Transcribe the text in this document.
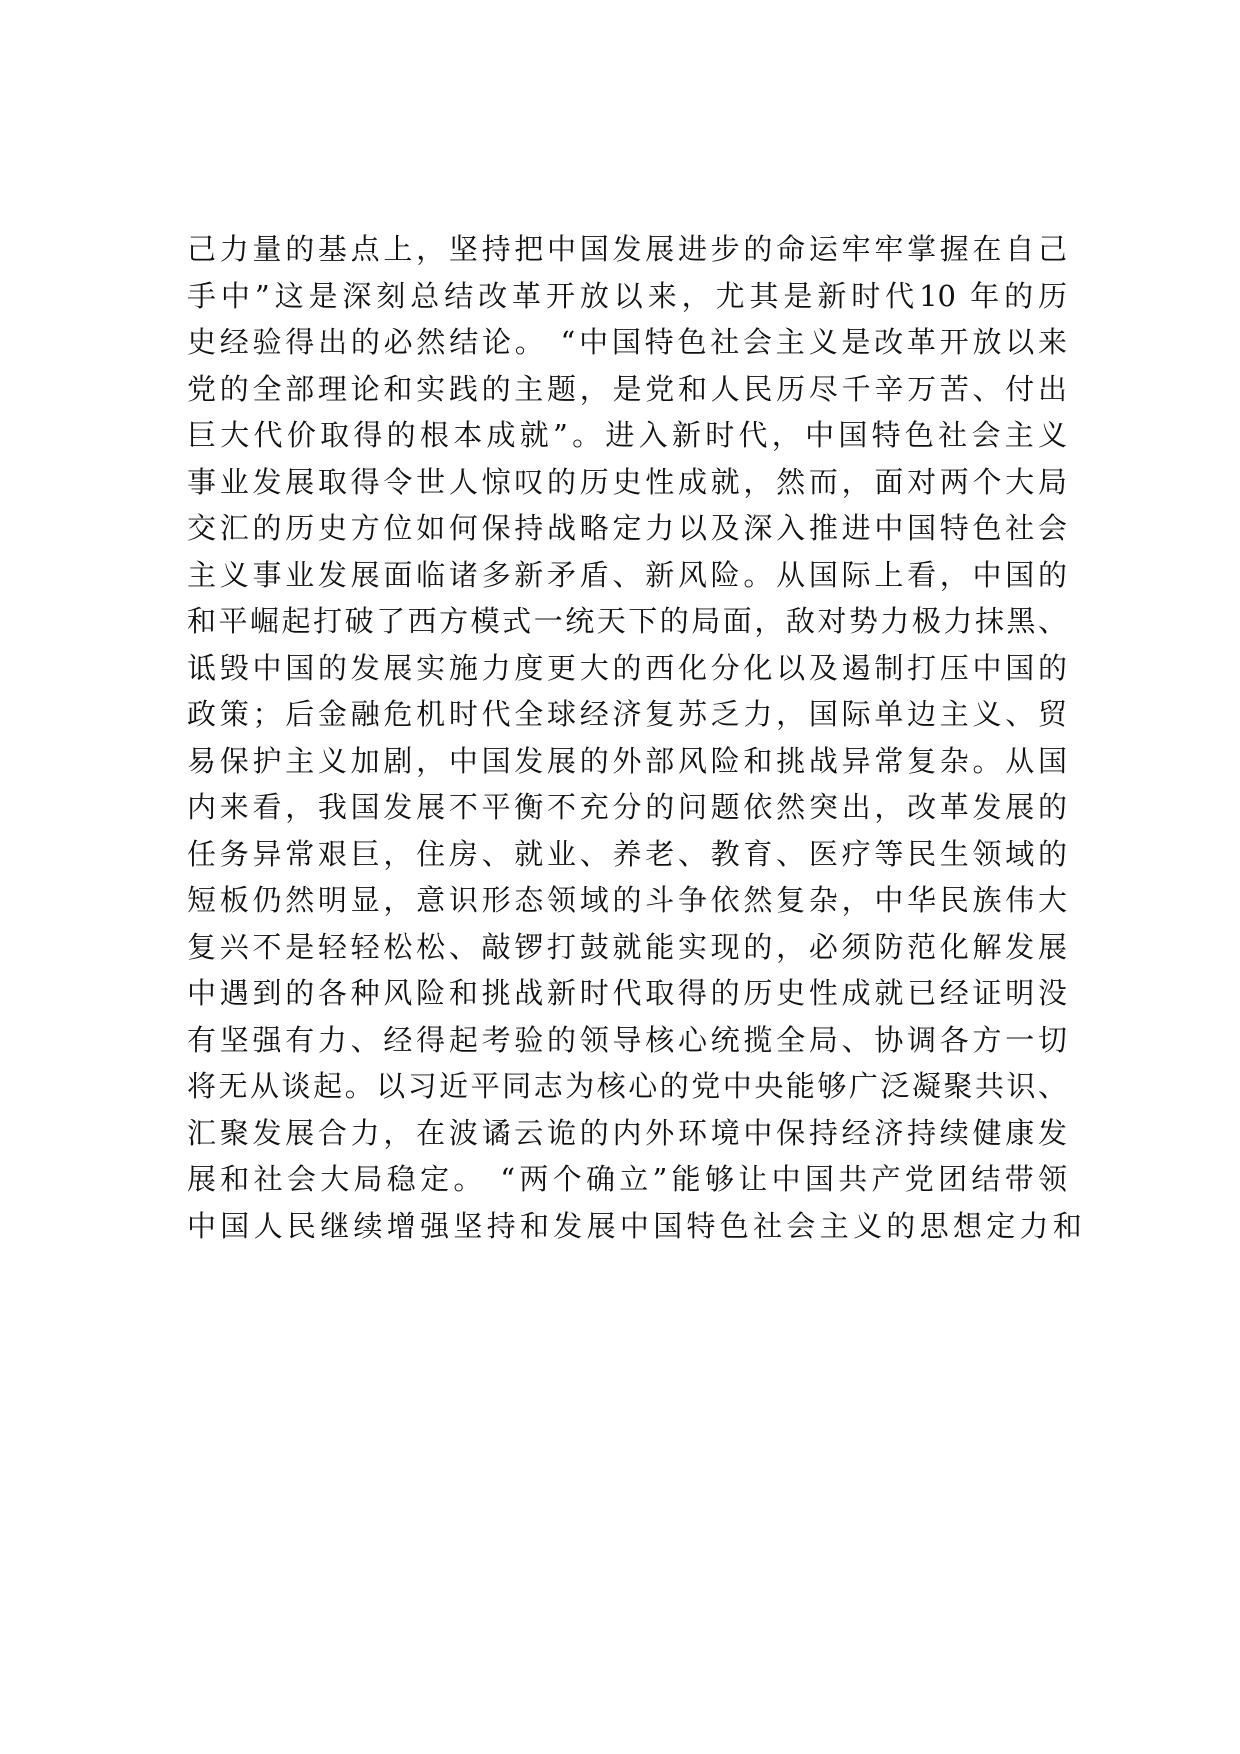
己力量的基点上，坚持把中国发展进步的命运牢牢掌握在自己
手中”这是深刻总结改革开放以来，尤其是新时代10 年的历
史经验得出的必然结论。 “中国特色社会主义是改革开放以来
党的全部理论和实践的主题，是党和人民历尽千辛万苦、付出
巨大代价取得的根本成就”。进入新时代，中国特色社会主义
事业发展取得令世人惊叹的历史性成就，然而，面对两个大局
交汇的历史方位如何保持战略定力以及深入推进中国特色社会
主义事业发展面临诸多新矛盾、新风险。从国际上看，中国的
和平崛起打破了西方模式一统天下的局面，敌对势力极力抹黑、
诋毁中国的发展实施力度更大的西化分化以及遏制打压中国的
政策；后金融危机时代全球经济复苏乏力，国际单边主义、贸
易保护主义加剧，中国发展的外部风险和挑战异常复杂。从国
内来看，我国发展不平衡不充分的问题依然突出，改革发展的
任务异常艰巨，住房、就业、养老、教育、医疗等民生领域的
短板仍然明显，意识形态领域的斗争依然复杂，中华民族伟大
复兴不是轻轻松松、敲锣打鼓就能实现的，必须防范化解发展
中遇到的各种风险和挑战新时代取得的历史性成就已经证明没
有坚强有力、经得起考验的领导核心统揽全局、协调各方一切
将无从谈起。以习近平同志为核心的党中央能够广泛凝聚共识、
汇聚发展合力，在波谲云诡的内外环境中保持经济持续健康发
展和社会大局稳定。 “两个确立”能够让中国共产党团结带领
中国人民继续增强坚持和发展中国特色社会主义的思想定力和
